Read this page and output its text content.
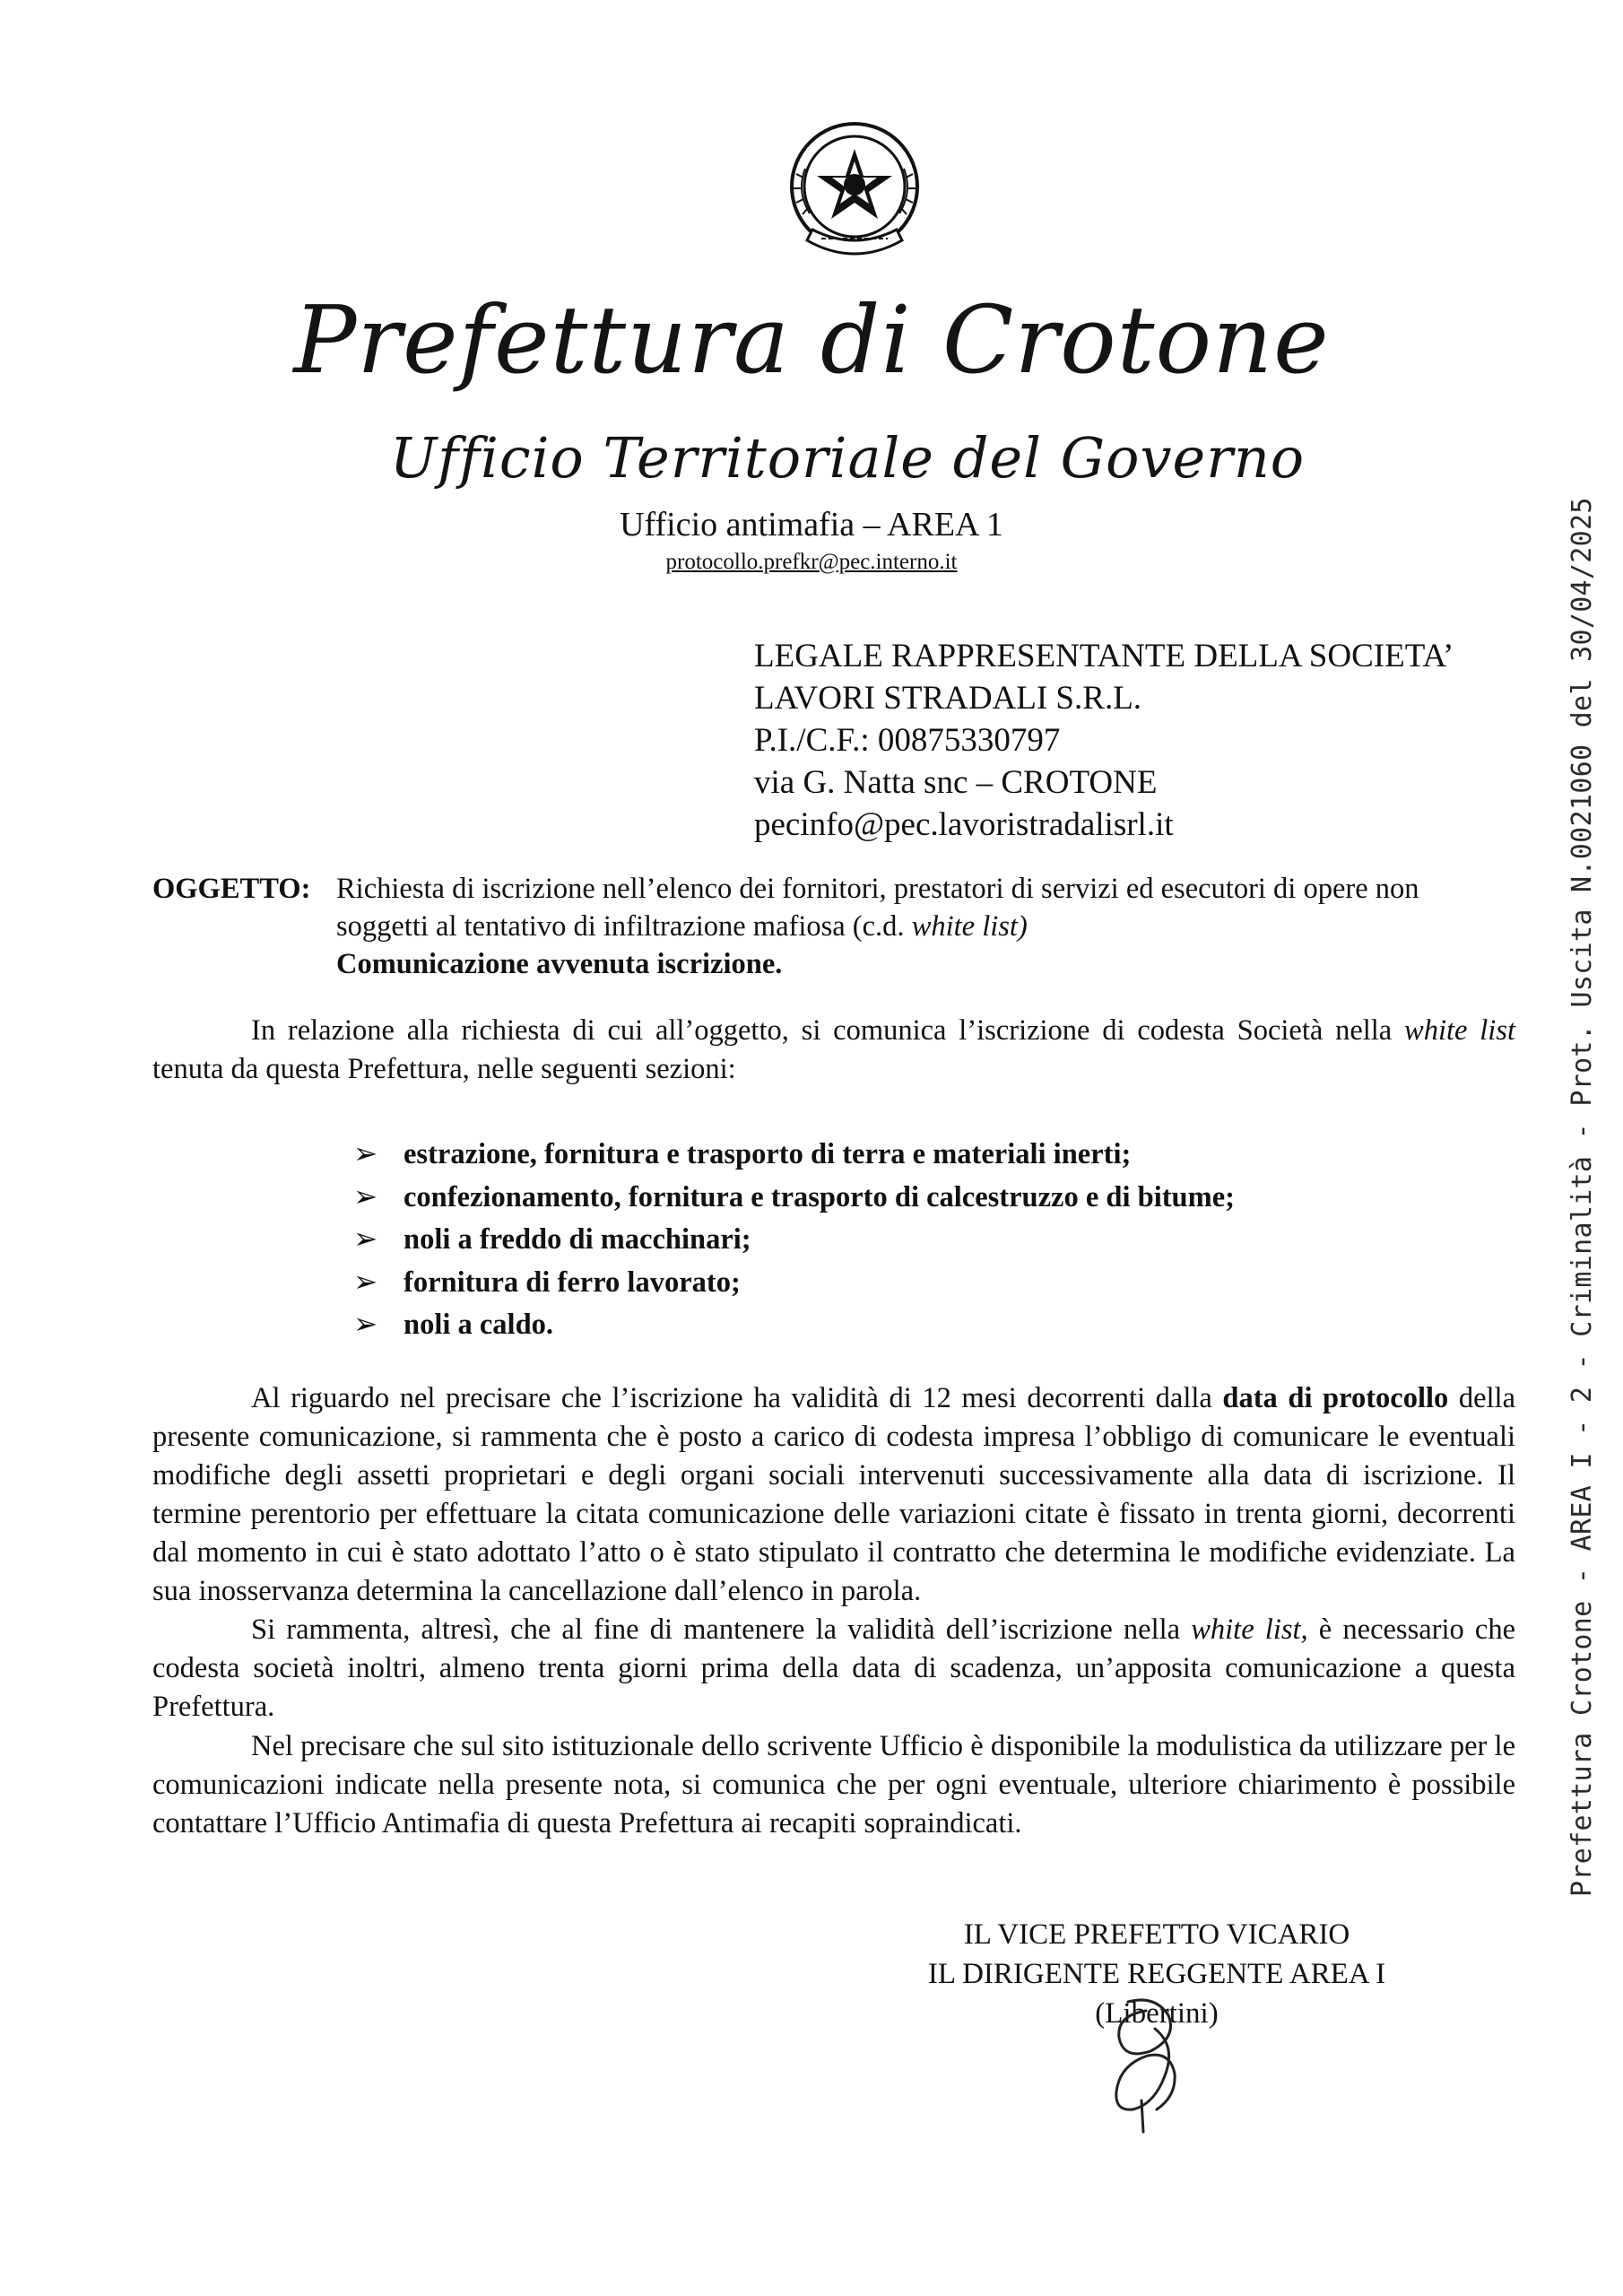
Prefettura di Crotone
Ufficio Territoriale del Governo
Ufficio antimafia – AREA 1
protocollo.prefkr@pec.interno.it
LEGALE RAPPRESENTANTE DELLA SOCIETA’
LAVORI STRADALI S.R.L.
P.I./C.F.: 00875330797
via G. Natta snc – CROTONE
pecinfo@pec.lavoristradalisrl.it
OGGETTO: Richiesta di iscrizione nell’elenco dei fornitori, prestatori di servizi ed esecutori di opere non
soggetti al tentativo di infiltrazione mafiosa (c.d. white list)
Comunicazione avvenuta iscrizione.

In relazione alla richiesta di cui all’oggetto, si comunica l’iscrizione di codesta Società nella white list tenuta da questa Prefettura, nelle seguenti sezioni:

➢ estrazione, fornitura e trasporto di terra e materiali inerti;
➢ confezionamento, fornitura e trasporto di calcestruzzo e di bitume;
➢ noli a freddo di macchinari;
➢ fornitura di ferro lavorato;
➢ noli a caldo.

Al riguardo nel precisare che l’iscrizione ha validità di 12 mesi decorrenti dalla data di protocollo della presente comunicazione, si rammenta che è posto a carico di codesta impresa l’obbligo di comunicare le eventuali modifiche degli assetti proprietari e degli organi sociali intervenuti successivamente alla data di iscrizione. Il termine perentorio per effettuare la citata comunicazione delle variazioni citate è fissato in trenta giorni, decorrenti dal momento in cui è stato adottato l’atto o è stato stipulato il contratto che determina le modifiche evidenziate. La sua inosservanza determina la cancellazione dall’elenco in parola.

Si rammenta, altresì, che al fine di mantenere la validità dell’iscrizione nella white list, è necessario che codesta società inoltri, almeno trenta giorni prima della data di scadenza, un’apposita comunicazione a questa Prefettura.

Nel precisare che sul sito istituzionale dello scrivente Ufficio è disponibile la modulistica da utilizzare per le comunicazioni indicate nella presente nota, si comunica che per ogni eventuale, ulteriore chiarimento è possibile contattare l’Ufficio Antimafia di questa Prefettura ai recapiti sopraindicati.

IL VICE PREFETTO VICARIO
IL DIRIGENTE REGGENTE AREA I
(Libertini)
Prefettura Crotone - AREA I - 2 - Criminalità - Prot. Uscita N.0021060 del 30/04/2025
